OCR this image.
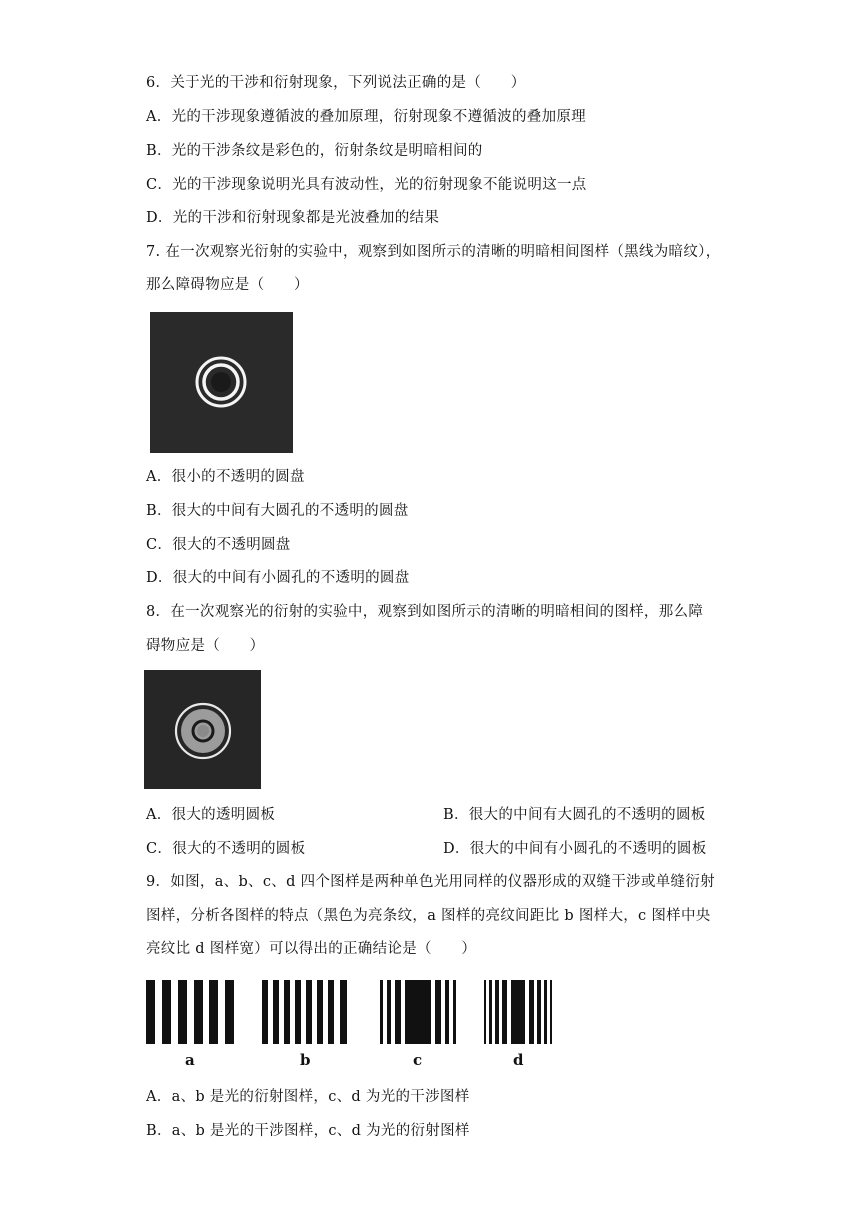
6．关于光的干涉和衍射现象，下列说法正确的是（　　）
A．光的干涉现象遵循波的叠加原理，衍射现象不遵循波的叠加原理
B．光的干涉条纹是彩色的，衍射条纹是明暗相间的
C．光的干涉现象说明光具有波动性，光的衍射现象不能说明这一点
D．光的干涉和衍射现象都是光波叠加的结果
7. 在一次观察光衍射的实验中，观察到如图所示的清晰的明暗相间图样（黑线为暗纹），
那么障碍物应是（　　）
A．很小的不透明的圆盘
B．很大的中间有大圆孔的不透明的圆盘
C．很大的不透明圆盘
D．很大的中间有小圆孔的不透明的圆盘
8．在一次观察光的衍射的实验中，观察到如图所示的清晰的明暗相间的图样，那么障
碍物应是（　　）
A．很大的透明圆板	B．很大的中间有大圆孔的不透明的圆板
C．很大的不透明的圆板	D．很大的中间有小圆孔的不透明的圆板
9．如图，a、b、c、d 四个图样是两种单色光用同样的仪器形成的双缝干涉或单缝衍射
图样，分析各图样的特点（黑色为亮条纹，a 图样的亮纹间距比 b 图样大，c 图样中央
亮纹比 d 图样宽）可以得出的正确结论是（　　）
a	b	c	d
A．a、b 是光的衍射图样，c、d 为光的干涉图样
B．a、b 是光的干涉图样，c、d 为光的衍射图样
